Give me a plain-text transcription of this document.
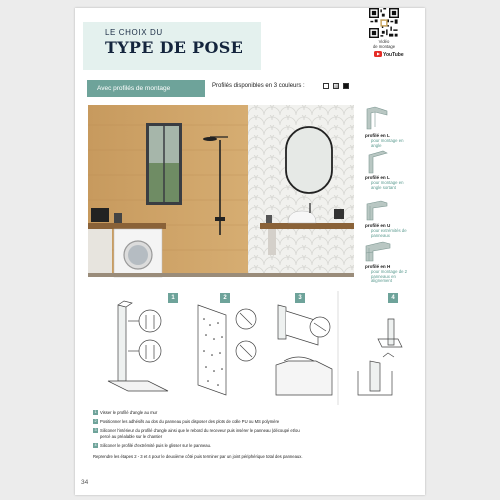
LE CHOIX DU
TYPE DE POSE	Vidéo
de montage
YouTube
Avec profilés de montage	Profilés disponibles en 3 couleurs :
profilé en L
pour montage en angle
profilé en L
pour montage en angle sortant
profilé en U
pour extrémités de panneaux
profilé en H
pour montage de 2 panneaux en alignement
1	2	3	4
1 Visser le profilé d'angle au mur
2 Positionner les adhésifs au dos du panneau puis disposer des plots de colle PU ou MS polymère
3 Siliconer l'intérieur du profilé d'angle ainsi que le rebord du receveur puis insérer le panneau (découpé et/ou
percé au préalable sur le chantier
4 Siliconer le profilé d'extrémité puis le glisser sur le panneau.
Reprendre les étapes 2 - 3 et 4 pour le deuxième côté puis terminer par un joint périphérique total des panneaux.
34
